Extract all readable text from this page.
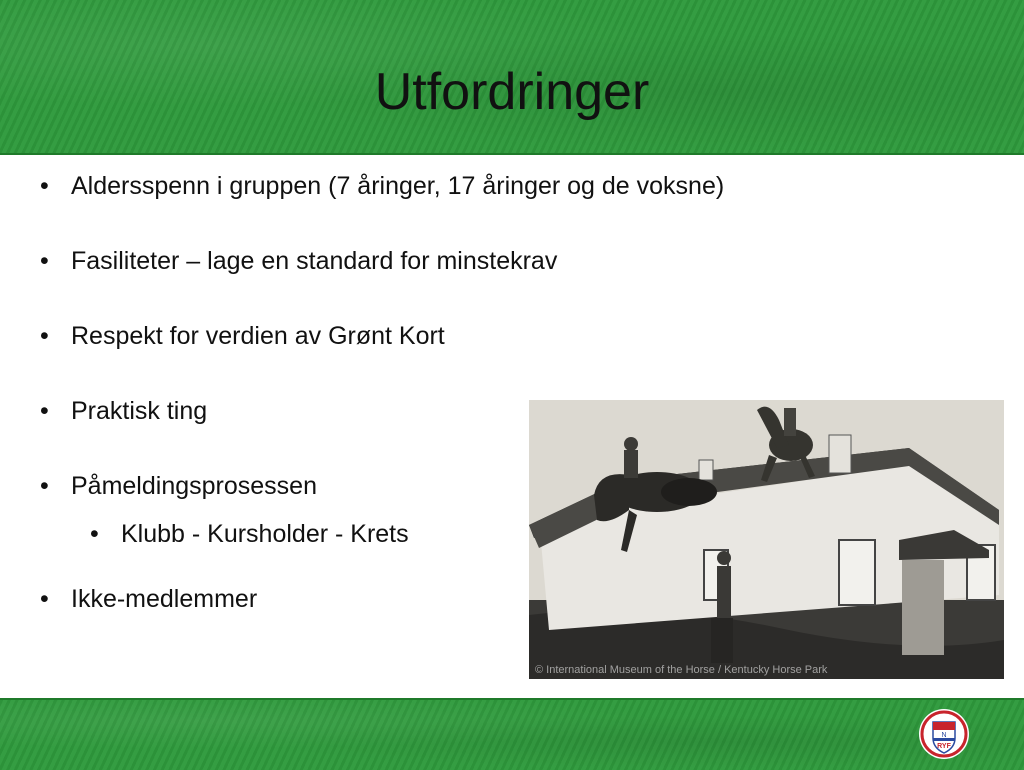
Utfordringer
• Aldersspenn i gruppen (7 åringer, 17 åringer og de voksne)
• Fasiliteter – lage en standard for minstekrav
• Respekt for verdien av Grønt Kort
• Praktisk ting
• Påmeldingsprosessen
• Klubb - Kursholder - Krets
• Ikke-medlemmer
© International Museum of the Horse / Kentucky Horse Park
N
RYF
